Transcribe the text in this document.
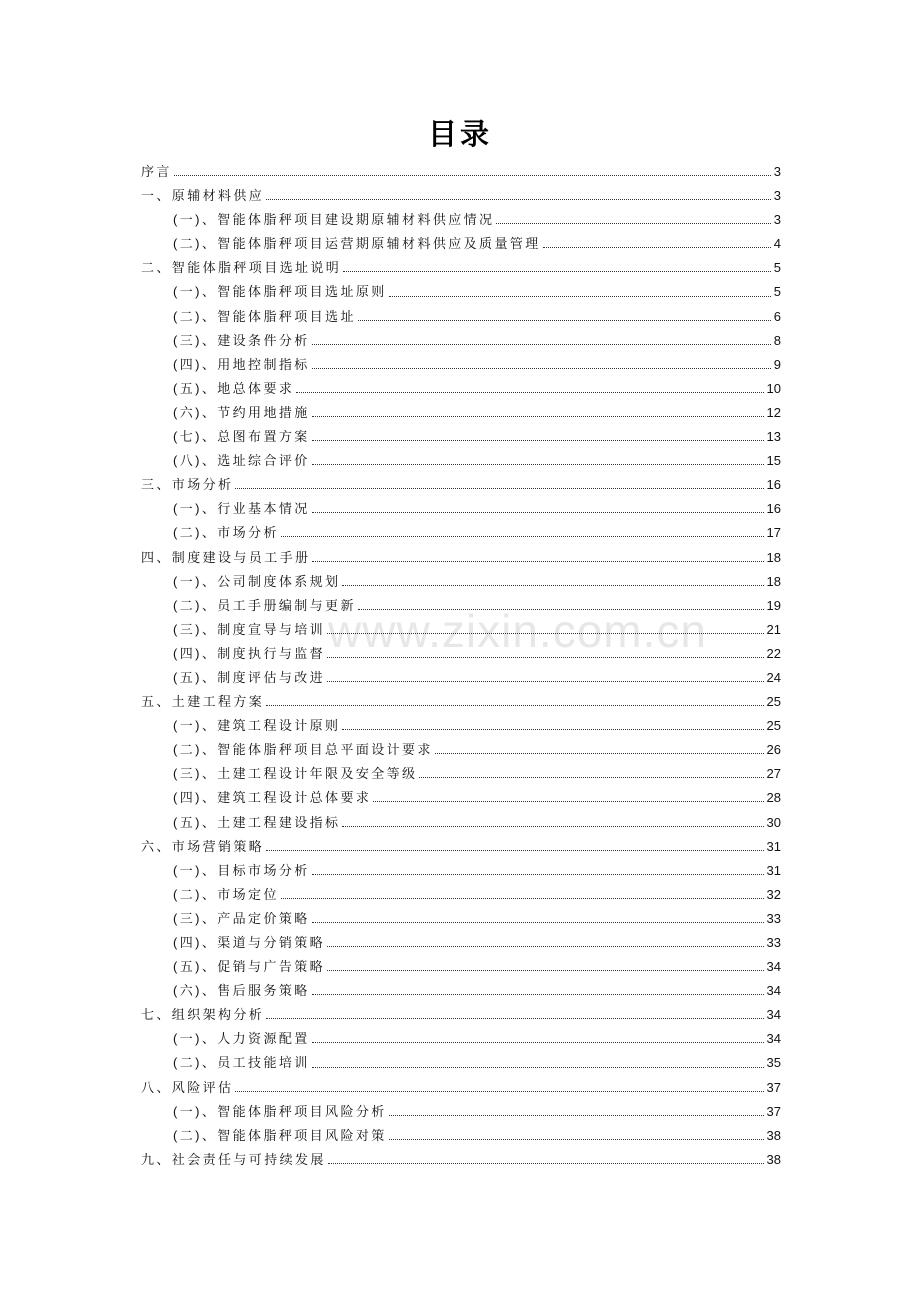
www.zixin.com.cn
目录
序言	3
一、原辅材料供应	3
(一)、智能体脂秤项目建设期原辅材料供应情况	3
(二)、智能体脂秤项目运营期原辅材料供应及质量管理	4
二、智能体脂秤项目选址说明	5
(一)、智能体脂秤项目选址原则	5
(二)、智能体脂秤项目选址	6
(三)、建设条件分析	8
(四)、用地控制指标	9
(五)、地总体要求	10
(六)、节约用地措施	12
(七)、总图布置方案	13
(八)、选址综合评价	15
三、市场分析	16
(一)、行业基本情况	16
(二)、市场分析	17
四、制度建设与员工手册	18
(一)、公司制度体系规划	18
(二)、员工手册编制与更新	19
(三)、制度宣导与培训	21
(四)、制度执行与监督	22
(五)、制度评估与改进	24
五、土建工程方案	25
(一)、建筑工程设计原则	25
(二)、智能体脂秤项目总平面设计要求	26
(三)、土建工程设计年限及安全等级	27
(四)、建筑工程设计总体要求	28
(五)、土建工程建设指标	30
六、市场营销策略	31
(一)、目标市场分析	31
(二)、市场定位	32
(三)、产品定价策略	33
(四)、渠道与分销策略	33
(五)、促销与广告策略	34
(六)、售后服务策略	34
七、组织架构分析	34
(一)、人力资源配置	34
(二)、员工技能培训	35
八、风险评估	37
(一)、智能体脂秤项目风险分析	37
(二)、智能体脂秤项目风险对策	38
九、社会责任与可持续发展	38
